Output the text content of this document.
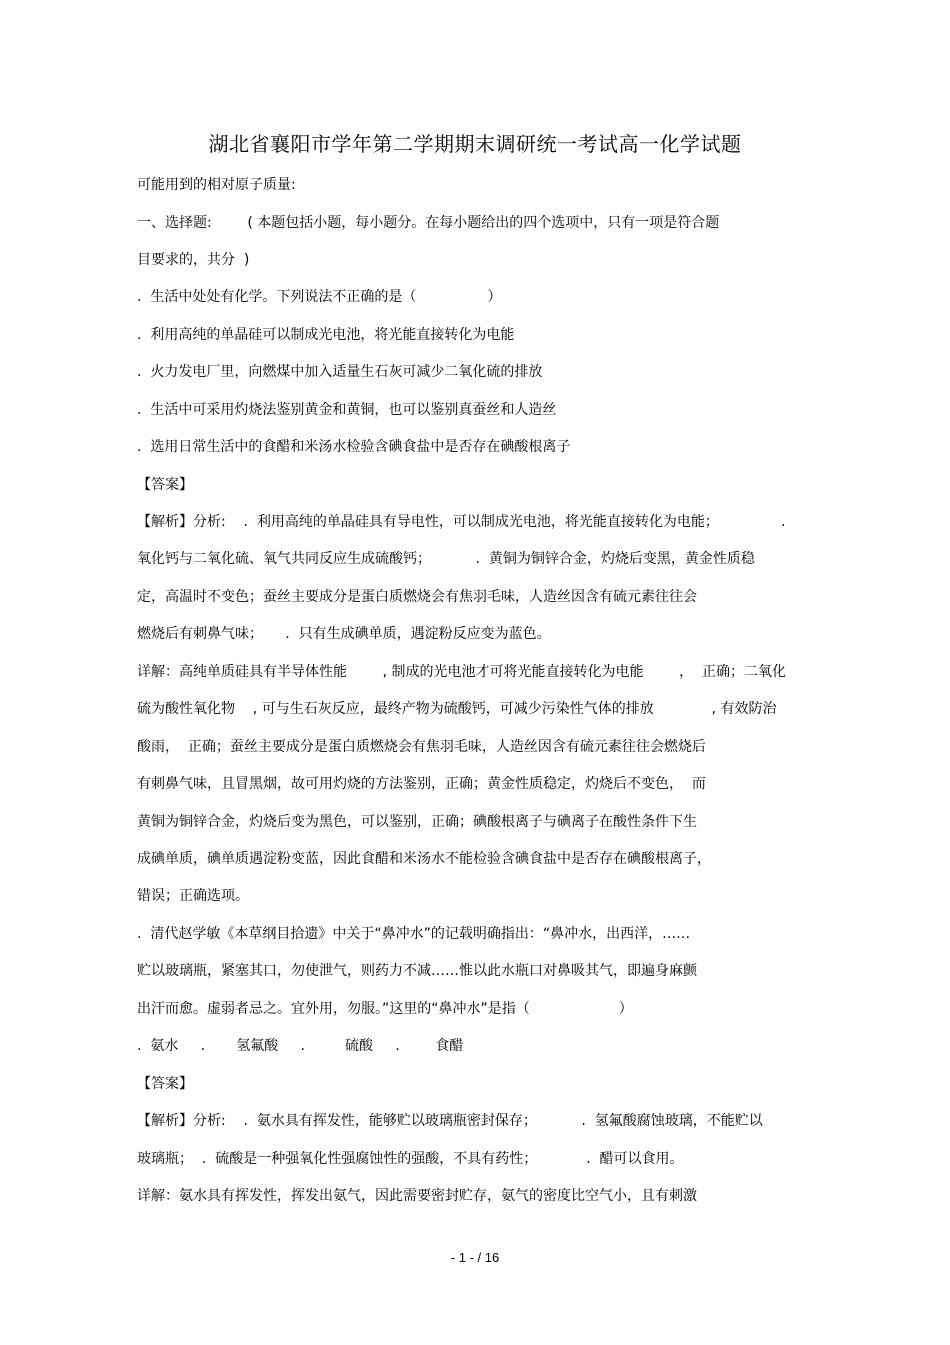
湖北省襄阳市学年第二学期期末调研统一考试高一化学试题
可能用到的相对原子质量:
一、选择题:        ( 本题包括小题，每小题分。在每小题给出的四个选项中，只有一项是符合题
目要求的，共分  )
.  生活中处处有化学。下列说法不正确的是（                ）
.  利用高纯的单晶硅可以制成光电池，将光能直接转化为电能
.  火力发电厂里，向燃煤中加入适量生石灰可减少二氧化硫的排放
.  生活中可采用灼烧法鉴别黄金和黄铜，也可以鉴别真蚕丝和人造丝
.  选用日常生活中的食醋和米汤水检验含碘食盐中是否存在碘酸根离子
【答案】
【解析】分析:    .  利用高纯的单晶硅具有导电性，可以制成光电池，将光能直接转化为电能；              .
氧化钙与二氧化硫、氧气共同反应生成硫酸钙；          .  黄铜为铜锌合金，灼烧后变黑，黄金性质稳
定，高温时不变色；蚕丝主要成分是蛋白质燃烧会有焦羽毛味，人造丝因含有硫元素往往会
燃烧后有刺鼻气味；     .  只有生成碘单质，遇淀粉反应变为蓝色。
详解：高纯单质硅具有半导体性能        , 制成的光电池才可将光能直接转化为电能        ，  正确；二氧化
硫为酸性氧化物    , 可与生石灰反应，最终产物为硫酸钙，可减少污染性气体的排放             , 有效防治
酸雨，  正确；蚕丝主要成分是蛋白质燃烧会有焦羽毛味，人造丝因含有硫元素往往会燃烧后
有刺鼻气味，且冒黑烟，故可用灼烧的方法鉴别，正确；黄金性质稳定，灼烧后不变色，  而
黄铜为铜锌合金，灼烧后变为黑色，可以鉴别，正确；碘酸根离子与碘离子在酸性条件下生
成碘单质，碘单质遇淀粉变蓝，因此食醋和米汤水不能检验含碘食盐中是否存在碘酸根离子，
错误；正确选项。
.  清代赵学敏《本草纲目拾遗》中关于“鼻冲水”的记载明确指出：“鼻冲水，出西洋，……
贮以玻璃瓶，紧塞其口，勿使泄气，则药力不减……惟以此水瓶口对鼻吸其气，即遍身麻颤
出汗而愈。虚弱者忌之。宜外用，勿服。”这里的“鼻冲水”是指（                    ）
.  氨水     .       氢氟酸     .         硫酸     .        食醋
【答案】
【解析】分析:    .  氨水具有挥发性，能够贮以玻璃瓶密封保存；          .  氢氟酸腐蚀玻璃，不能贮以
玻璃瓶；  .  硫酸是一种强氧化性强腐蚀性的强酸，不具有药性；           .  醋可以食用。
详解：氨水具有挥发性，挥发出氨气，因此需要密封贮存，氨气的密度比空气小，且有刺激
- 1 - / 16
